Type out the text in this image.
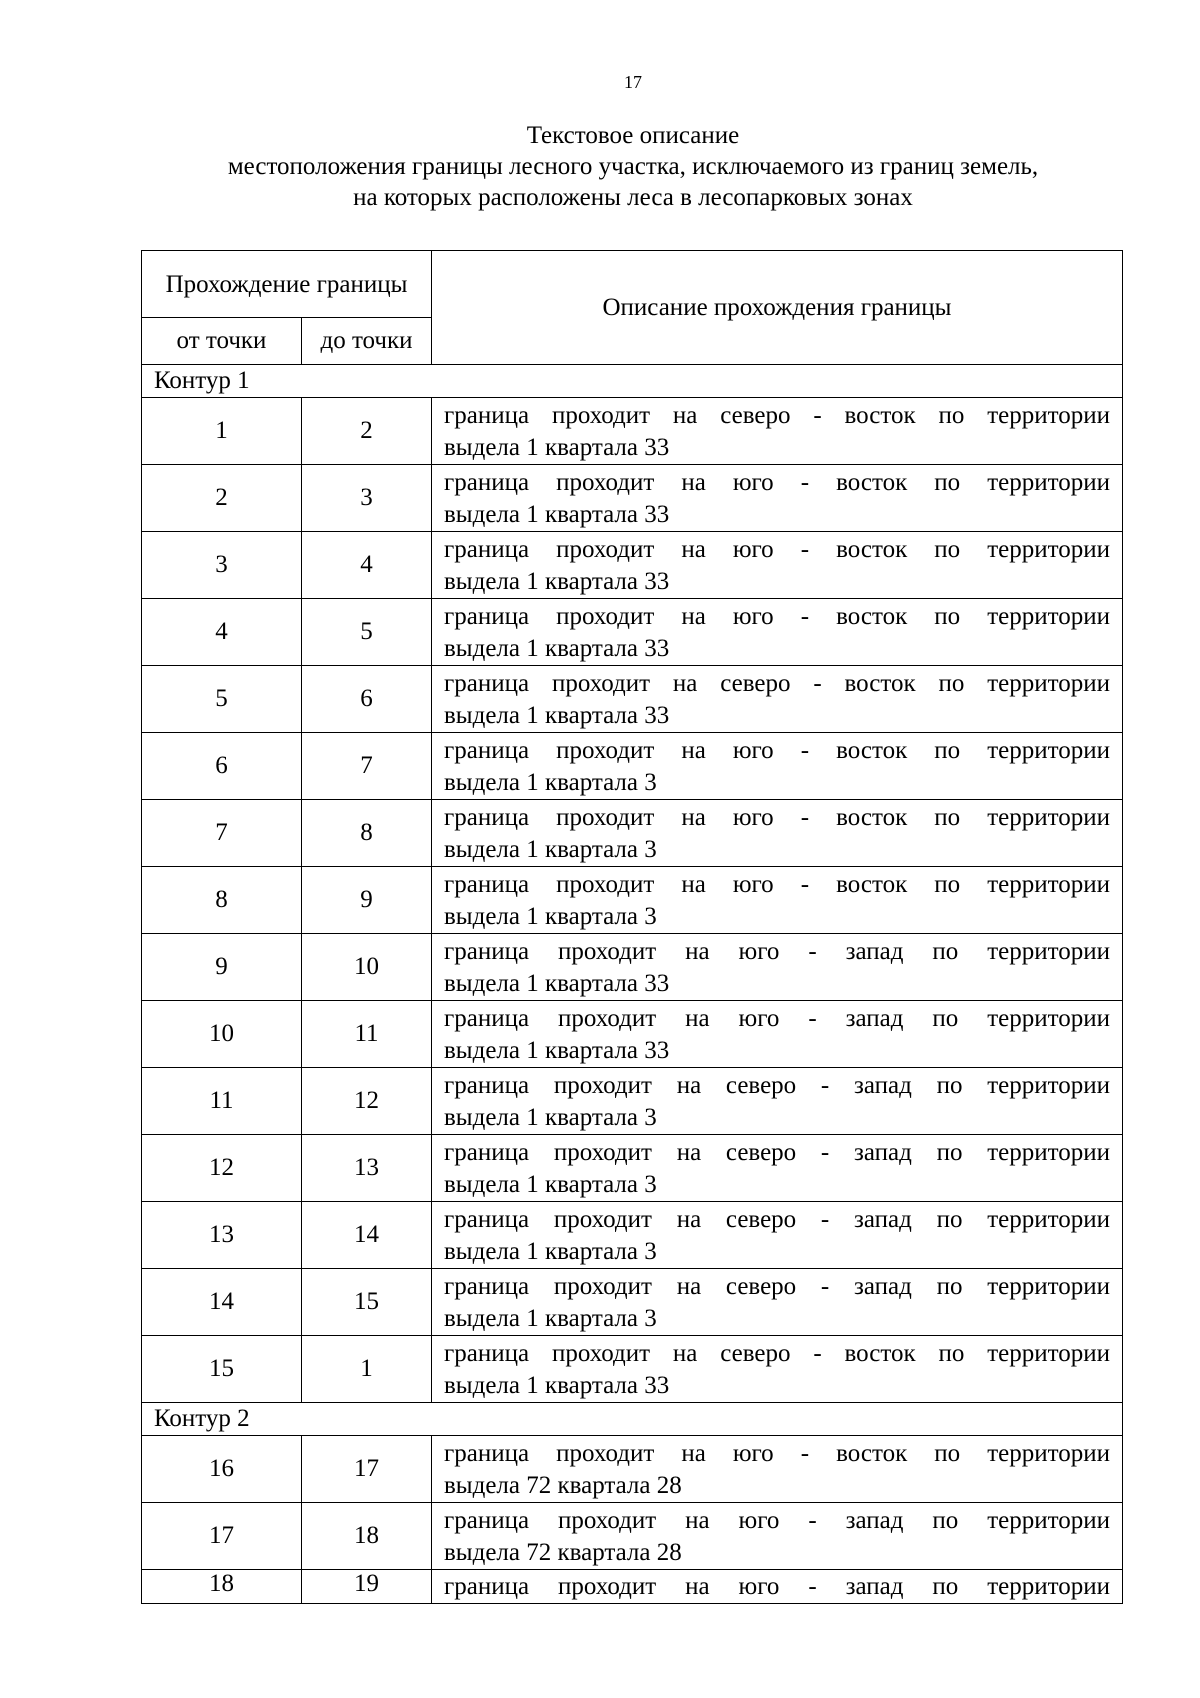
17
Текстовое описание
местоположения границы лесного участка, исключаемого из границ земель,
на которых расположены леса в лесопарковых зонах
Прохождение границы		Описание прохождения границы
от точки	до точки	
Контур 1		
1	2	граница проходит на северо - восток по территории
выдела 1 квартала 33

2	3	граница проходит на юго - восток по территории
выдела 1 квартала 33

3	4	граница проходит на юго - восток по территории
выдела 1 квартала 33

4	5	граница проходит на юго - восток по территории
выдела 1 квартала 33

5	6	граница проходит на северо - восток по территории
выдела 1 квартала 33

6	7	граница проходит на юго - восток по территории
выдела 1 квартала 3

7	8	граница проходит на юго - восток по территории
выдела 1 квартала 3

8	9	граница проходит на юго - восток по территории
выдела 1 квартала 3

9	10	граница проходит на юго - запад по территории
выдела 1 квартала 33

10	11	граница проходит на юго - запад по территории
выдела 1 квартала 33

11	12	граница проходит на северо - запад по территории
выдела 1 квартала 3

12	13	граница проходит на северо - запад по территории
выдела 1 квартала 3

13	14	граница проходит на северо - запад по территории
выдела 1 квартала 3

14	15	граница проходит на северо - запад по территории
выдела 1 квартала 3

15	1	граница проходит на северо - восток по территории
выдела 1 квартала 33

Контур 2		
16	17	граница проходит на юго - восток по территории
выдела 72 квартала 28

17	18	граница проходит на юго - запад по территории
выдела 72 квартала 28

18	19	граница проходит на юго - запад по территории
